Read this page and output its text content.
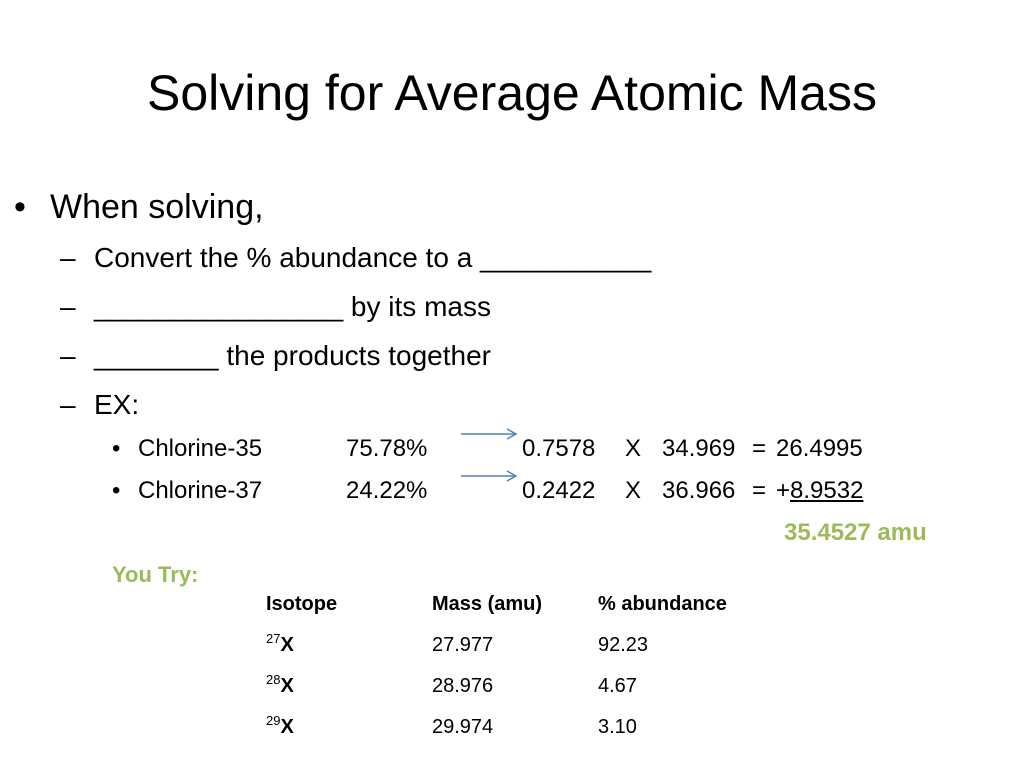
Solving for Average Atomic Mass
• When solving,
– Convert the % abundance to a ___________
– ________________ by its mass
– ________ the products together
– EX:
• Chlorine-35	75.78%	0.7578 X 34.969 = 26.4995
• Chlorine-37	24.22%	0.2422 X 36.966 = +8.9532
35.4527 amu
You Try:
Isotope	Mass (amu)	% abundance
$^{27}$X	27.977	92.23
$^{28}$X	28.976	4.67
$^{29}$X	29.974	3.10
